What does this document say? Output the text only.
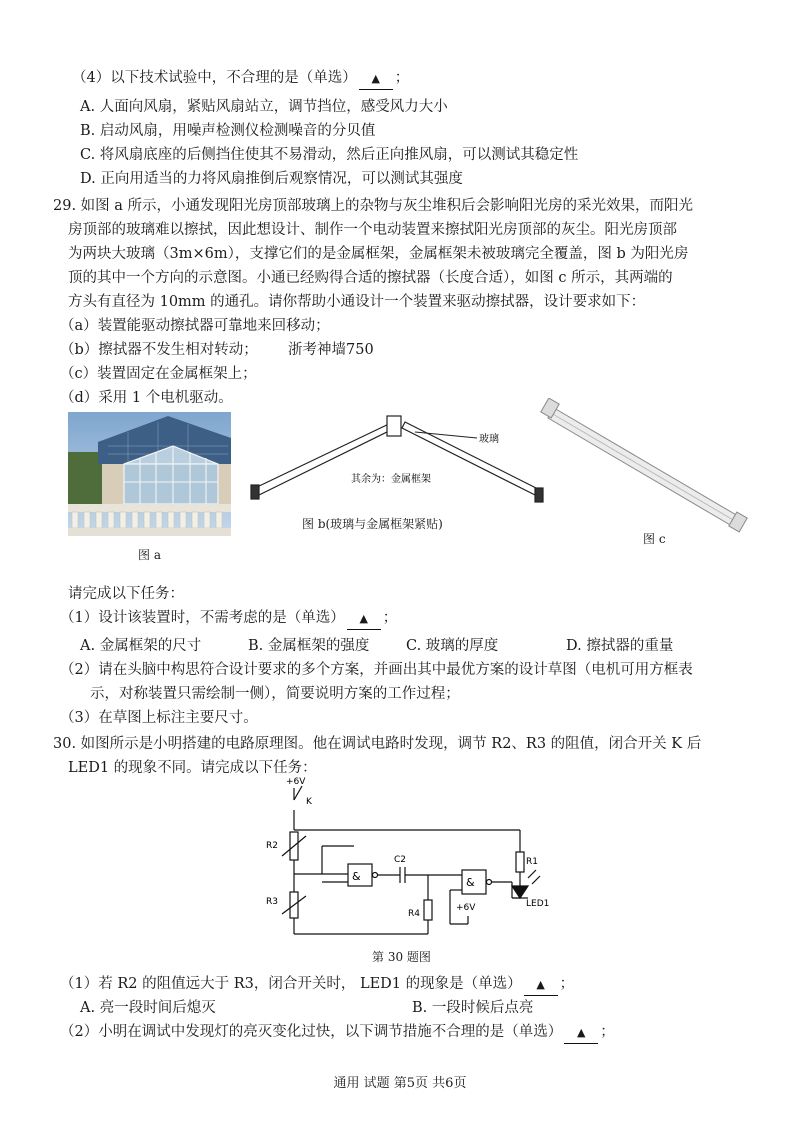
（4）以下技术试验中，不合理的是（单选） ▲	；
A. 人面向风扇，紧贴风扇站立，调节挡位，感受风力大小
B. 启动风扇，用噪声检测仪检测噪音的分贝值
C. 将风扇底座的后侧挡住使其不易滑动，然后正向推风扇，可以测试其稳定性
D. 正向用适当的力将风扇推倒后观察情况，可以测试其强度
29. 如图 a 所示，小通发现阳光房顶部玻璃上的杂物与灰尘堆积后会影响阳光房的采光效果，而阳光
房顶部的玻璃难以擦拭，因此想设计、制作一个电动装置来擦拭阳光房顶部的灰尘。阳光房顶部
为两块大玻璃（3m×6m），支撑它们的是金属框架，金属框架未被玻璃完全覆盖，图 b 为阳光房
顶的其中一个方向的示意图。小通已经购得合适的擦拭器（长度合适），如图 c 所示，其两端的
方头有直径为 10mm 的通孔。请你帮助小通设计一个装置来驱动擦拭器，设计要求如下：
（a）装置能驱动擦拭器可靠地来回移动；
（b）擦拭器不发生相对转动； 浙考神墙750
（c）装置固定在金属框架上；
（d）采用 1 个电机驱动。
图 a
玻璃
其余为：金属框架
图 b(玻璃与金属框架紧贴)
图 c
请完成以下任务：
（1）设计该装置时，不需考虑的是（单选） ▲	；
A. 金属框架的尺寸	B. 金属框架的强度	C. 玻璃的厚度	D. 擦拭器的重量
（2）请在头脑中构思符合设计要求的多个方案，并画出其中最优方案的设计草图（电机可用方框表
示，对称装置只需绘制一侧），简要说明方案的工作过程；
（3）在草图上标注主要尺寸。
30. 如图所示是小明搭建的电路原理图。他在调试电路时发现，调节 R2、R3 的阻值，闭合开关 K 后
LED1 的现象不同。请完成以下任务：
+6V
K
R2
R3
R1
LED1
C2
R4
+6V
&	&
第 30 题图
（1）若 R2 的阻值远大于 R3，闭合开关时， LED1 的现象是（单选） ▲	；
A. 亮一段时间后熄灭	B. 一段时候后点亮
（2）小明在调试中发现灯的亮灭变化过快，以下调节措施不合理的是（单选） ▲	；
通用 试题 第5页 共6页
